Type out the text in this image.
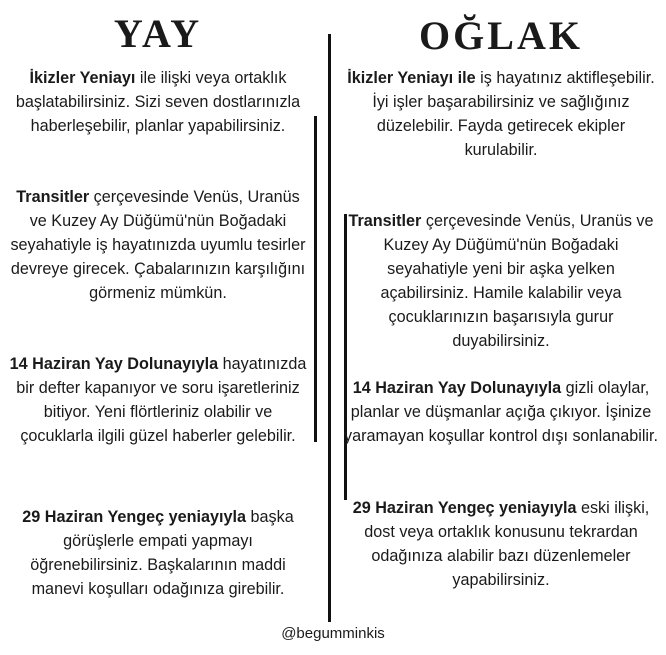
YAY

İkizler Yeniayı ile ilişki veya ortaklık başlatabilirsiniz. Sizi seven dostlarınızla haberleşebilir, planlar yapabilirsiniz.

Transitler çerçevesinde Venüs, Uranüs ve Kuzey Ay Düğümü'nün Boğadaki seyahatiyle iş hayatınızda uyumlu tesirler devreye girecek. Çabalarınızın karşılığını görmeniz mümkün.

14 Haziran Yay Dolunayıyla hayatınızda bir defter kapanıyor ve soru işaretleriniz bitiyor. Yeni flörtleriniz olabilir ve çocuklarla ilgili güzel haberler gelebilir.

29 Haziran Yengeç yeniayıyla başka görüşlerle empati yapmayı öğrenebilirsiniz. Başkalarının maddi manevi koşulları odağınıza girebilir.

OĞLAK

İkizler Yeniayı ile iş hayatınız aktifleşebilir. İyi işler başarabilirsiniz ve sağlığınız düzelebilir. Fayda getirecek ekipler kurulabilir.

Transitler çerçevesinde Venüs, Uranüs ve Kuzey Ay Düğümü'nün Boğadaki seyahatiyle yeni bir aşka yelken açabilirsiniz. Hamile kalabilir veya çocuklarınızın başarısıyla gurur duyabilirsiniz.

14 Haziran Yay Dolunayıyla gizli olaylar, planlar ve düşmanlar açığa çıkıyor. İşinize yaramayan koşullar kontrol dışı sonlanabilir.

29 Haziran Yengeç yeniayıyla eski ilişki, dost veya ortaklık konusunu tekrardan odağınıza alabilir bazı düzenlemeler yapabilirsiniz.

@begumminkis
